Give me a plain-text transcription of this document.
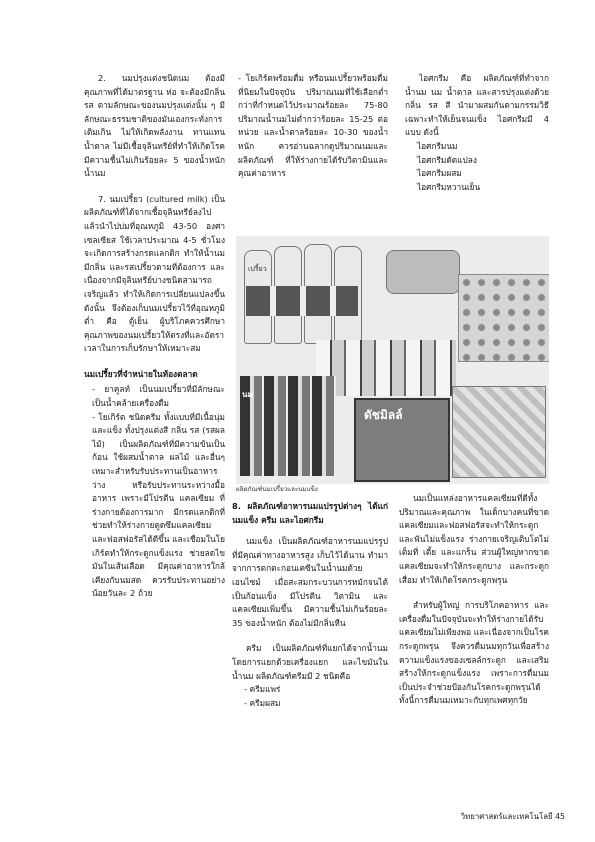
2. นมปรุงแต่งชนิดนม ต้องมีคุณภาพที่ได้มาตรฐาน ห่อ จะต้องมีกลิ่น รส ตามลักษณะของนมปรุงแต่งนั้น ๆ มีลักษณะธรรมชาติของมันเองกระทั่งการเติมเกิน ไม่ให้เกิดพลังงาน ทานแทนน้ำตาล ไม่มีเชื้อจุลินทรีย์ที่ทำให้เกิดโรค มีความชื้นไม่เกินร้อยละ 5 ของน้ำหนักน้ำนม

7. นมเปรี้ยว (cultured milk) เป็นผลิตภัณฑ์ที่ได้จากเชื้อจุลินทรีย์ลงไป แล้วนำไปบ่มที่อุณหภูมิ 43-50 องศาเซลเซียส ใช้เวลาประมาณ 4-5 ชั่วโมง จะเกิดการสร้างกรดแลกติก ทำให้น้ำนมมีกลิ่น และรสเปรี้ยวตามที่ต้องการ และเนื่องจากมีจุลินทรีย์บางชนิดสามารถเจริญแล้ว ทำให้เกิดการเปลี่ยนแปลงขึ้น ดังนั้น จึงต้องเก็บนมเปรี้ยวไว้ที่อุณหภูมิต่ำ คือ ตู้เย็น ผู้บริโภคควรศึกษาคุณภาพของนมเปรี้ยวให้ตรงที่และอัตราเวลาในการเก็บรักษาให้เหมาะสม

นมเปรี้ยวที่จำหน่ายในท้องตลาด

- ยาคูลท์ เป็นนมเปรี้ยวที่มีลักษณะเป็นน้ำคล้ายเครื่องดื่ม

- โยเกิร์ต ชนิดครีม ทั้งแบบที่มีเนื้อนุ่มและแข็ง ทั้งปรุงแต่งสี กลิ่น รส (รสผลไม้) เป็นผลิตภัณฑ์ที่มีความข้นเป็นก้อน ใช้ผสมน้ำตาล ผลไม้ และอื่นๆ เหมาะสำหรับรับประทานเป็นอาหารว่าง หรือรับประทานระหว่างมื้ออาหาร เพราะมีโปรตีน แคลเซียม ที่ร่างกายต้องการมาก มีกรดแลกติกที่ช่วยทำให้ร่างกายดูดซึมแคลเซียมและฟอสฟอรัสได้ดีขึ้น และเชื่อมในโยเกิร์ตทำให้กระดูกแข็งแรง ช่วยลดไขมันในเส้นเลือด มีคุณค่าอาหารใกล้เคียงกับนมสด ควรรับประทานอย่างน้อยวันละ 2 ถ้วย

- โยเกิร์ตพร้อมดื่ม หรือนมเปรี้ยวพร้อมดื่มที่นิยมในปัจจุบัน ปริมาณนมที่ใช้เลือกต่ำกว่าที่กำหนดไว้ประมาณร้อยละ 75-80 ปริมาณน้ำนมไม่ต่ำกว่าร้อยละ 15-25 ต่อหน่วย และน้ำตาลร้อยละ 10-30 ของน้ำหนัก ควรอ่านฉลากดูปริมาณนมและผลิตภัณฑ์ ที่ให้ร่างกายได้รับวิตามินและคุณค่าอาหาร

ไอศกรีม คือ ผลิตภัณฑ์ที่ทำจากน้ำนม นม น้ำตาล และสารปรุงแต่งด้วย กลิ่น รส สี นำมาผสมกันตามกรรมวิธีเฉพาะทำให้เย็นจนแข็ง ไอศกรีมมี 4 แบบ ดังนี้

ไอศกรีมนม
ไอศกรีมดัดแปลง
ไอศกรีมผสม
ไอศกรีมหวานเย็น
เปรี้ยว
นม
ดัชมิลล์
ผลิตภัณฑ์นมเปรี้ยวและนมแข็ง
8. ผลิตภัณฑ์อาหารนมแปรรูปต่างๆ ได้แก่ นมแข็ง ครีม และไอศกรีม

นมแข็ง เป็นผลิตภัณฑ์อาหารนมแปรรูปที่มีคุณค่าทางอาหารสูง เก็บไว้ได้นาน ทำมาจากการตกตะกอนเคซีนในน้ำนมด้วยเอนไซม์ เมื่อสะสมกระบวนการหมักจนได้เป็นก้อนแข็ง มีโปรตีน วิตามิน และแคลเซียมเพิ่มขึ้น มีความชื้นไม่เกินร้อยละ 35 ของน้ำหนัก ต้องไม่มีกลิ่นหืน

ครีม เป็นผลิตภัณฑ์ที่แยกได้จากน้ำนมโดยการแยกด้วยเครื่องแยก และไขมันในน้ำนม ผลิตภัณฑ์ครีมมี 2 ชนิดคือ

- ครีมแพร่
- ครีมผสม

นมเป็นแหล่งอาหารแคลเซียมที่ดีทั้งปริมาณและคุณภาพ ในเด็กบางคนที่ขาดแคลเซียมและฟอสฟอรัสจะทำให้กระดูกและฟันไม่แข็งแรง ร่างกายเจริญเติบโตไม่เต็มที่ เตี้ย และแกร็น ส่วนผู้ใหญ่หากขาดแคลเซียมจะทำให้กระดูกบาง และกระดูกเสื่อม ทำให้เกิดโรคกระดูกพรุน

สำหรับผู้ใหญ่ การบริโภคอาหาร และเครื่องดื่มในปัจจุบันจะทำให้ร่างกายได้รับแคลเซียมไม่เพียงพอ และเนื่องจากเป็นโรคกระดูกพรุน จึงควรดื่มนมทุกวันเพื่อสร้างความแข็งแรงของเซลล์กระดูก และเสริมสร้างให้กระดูกแข็งแรง เพราะการดื่มนมเป็นประจำช่วยป้องกันโรคกระดูกพรุนได้ ทั้งนี้การดื่มนมเหมาะกับทุกเพศทุกวัย

วิทยาศาสตร์และเทคโนโลยี 45
